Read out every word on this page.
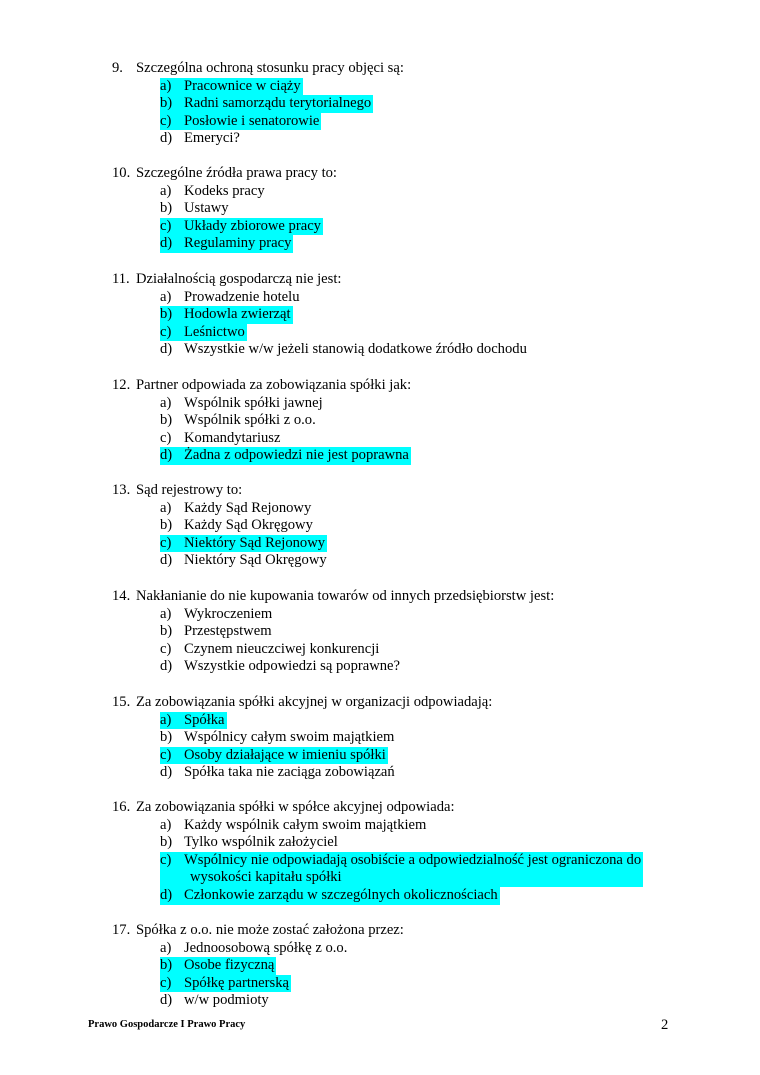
9. Szczególna ochroną stosunku pracy objęci są:
a) Pracownice w ciąży
b) Radni samorządu terytorialnego
c) Posłowie i senatorowie
d) Emeryci?
10. Szczególne źródła prawa pracy to:
a) Kodeks pracy
b) Ustawy
c) Układy zbiorowe pracy
d) Regulaminy pracy
11. Działalnością gospodarczą nie jest:
a) Prowadzenie hotelu
b) Hodowla zwierząt
c) Leśnictwo
d) Wszystkie w/w jeżeli stanowią dodatkowe źródło dochodu
12. Partner odpowiada za zobowiązania spółki jak:
a) Wspólnik spółki jawnej
b) Wspólnik spółki z o.o.
c) Komandytariusz
d) Żadna z odpowiedzi nie jest poprawna
13. Sąd rejestrowy to:
a) Każdy Sąd Rejonowy
b) Każdy Sąd Okręgowy
c) Niektóry Sąd Rejonowy
d) Niektóry Sąd Okręgowy
14. Nakłanianie do nie kupowania towarów od innych przedsiębiorstw jest:
a) Wykroczeniem
b) Przestępstwem
c) Czynem nieuczciwej konkurencji
d) Wszystkie odpowiedzi są poprawne?
15. Za zobowiązania spółki akcyjnej w organizacji odpowiadają:
a) Spółka
b) Wspólnicy całym swoim majątkiem
c) Osoby działające w imieniu spółki
d) Spółka taka nie zaciąga zobowiązań
16. Za zobowiązania spółki w spółce akcyjnej odpowiada:
a) Każdy wspólnik całym swoim majątkiem
b) Tylko wspólnik założyciel
c) Wspólnicy nie odpowiadają osobiście a odpowiedzialność jest ograniczona do
wysokości kapitału spółki
d) Członkowie zarządu w szczególnych okolicznościach
17. Spółka z o.o. nie może zostać założona przez:
a) Jednoosobową spółkę z o.o.
b) Osobe fizyczną
c) Spółkę partnerską
d) w/w podmioty
Prawo Gospodarcze I Prawo Pracy	2
